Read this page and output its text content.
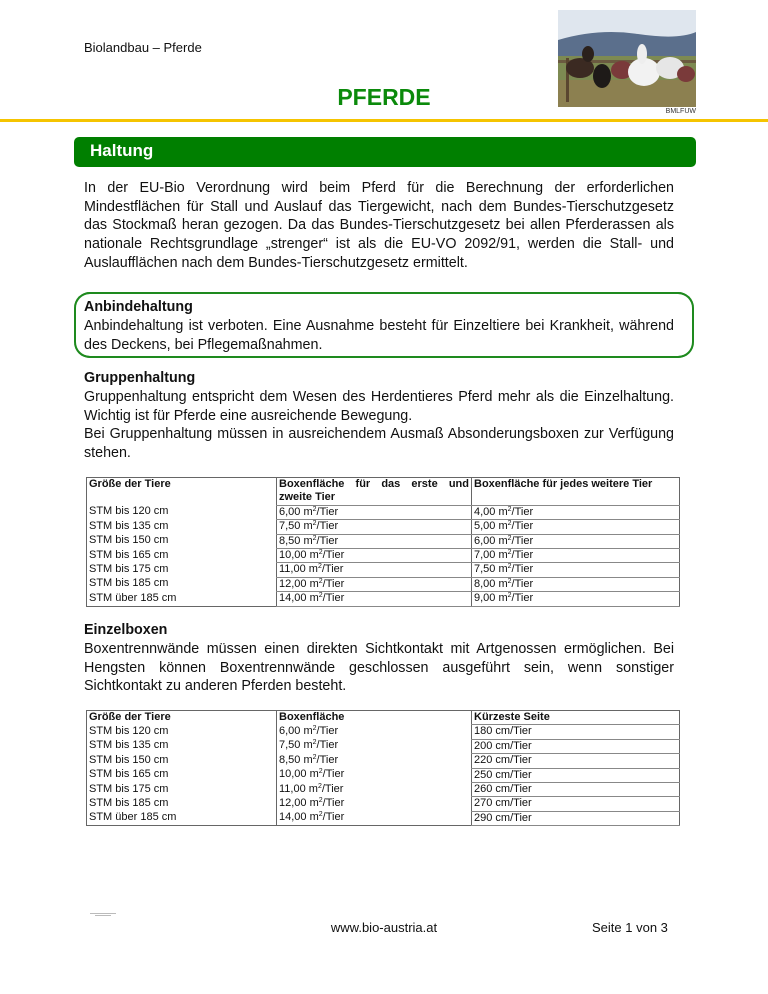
Biolandbau – Pferde
BMLFUW
PFERDE
Haltung
In der EU-Bio Verordnung wird beim Pferd für die Berechnung der erforderlichen Mindestflächen für Stall und Auslauf das Tiergewicht, nach dem Bundes-Tierschutzgesetz das Stockmaß heran gezogen. Da das Bundes-Tierschutzgesetz bei allen Pferderassen als nationale Rechtsgrundlage „strenger“ ist als die EU-VO 2092/91, werden die Stall- und Auslaufflächen nach dem Bundes-Tierschutzgesetz ermittelt.
Anbindehaltung
Anbindehaltung ist verboten. Eine Ausnahme besteht für Einzeltiere bei Krankheit, während des Deckens, bei Pflegemaßnahmen.
Gruppenhaltung
Gruppenhaltung entspricht dem Wesen des Herdentieres Pferd mehr als die Einzelhaltung. Wichtig ist für Pferde eine ausreichende Bewegung.
Bei Gruppenhaltung müssen in ausreichendem Ausmaß Absonderungsboxen zur Verfügung stehen.
Größe der Tiere	Boxenfläche für das erste und zweite Tier	Boxenfläche für jedes weitere Tier
STM bis 120 cm	6,00 $m^2$/Tier	4,00 $m^2$/Tier
STM bis 135 cm	7,50 $m^2$/Tier	5,00 $m^2$/Tier
STM bis 150 cm	8,50 $m^2$/Tier	6,00 $m^2$/Tier
STM bis 165 cm	10,00 $m^2$/Tier	7,00 $m^2$/Tier
STM bis 175 cm	11,00 $m^2$/Tier	7,50 $m^2$/Tier
STM bis 185 cm	12,00 $m^2$/Tier	8,00 $m^2$/Tier
STM über 185 cm	14,00 $m^2$/Tier	9,00 $m^2$/Tier
Einzelboxen
Boxentrennwände müssen einen direkten Sichtkontakt mit Artgenossen ermöglichen. Bei Hengsten können Boxentrennwände geschlossen ausgeführt sein, wenn sonstiger Sichtkontakt zu anderen Pferden besteht.
Größe der Tiere	Boxenfläche	Kürzeste Seite
STM bis 120 cm	6,00 $m^2$/Tier	180 cm/Tier
STM bis 135 cm	7,50 $m^2$/Tier	200 cm/Tier
STM bis 150 cm	8,50 $m^2$/Tier	220 cm/Tier
STM bis 165 cm	10,00 $m^2$/Tier	250 cm/Tier
STM bis 175 cm	11,00 $m^2$/Tier	260 cm/Tier
STM bis 185 cm	12,00 $m^2$/Tier	270 cm/Tier
STM über 185 cm	14,00 $m^2$/Tier	290 cm/Tier
www.bio-austria.at	Seite 1 von 3
